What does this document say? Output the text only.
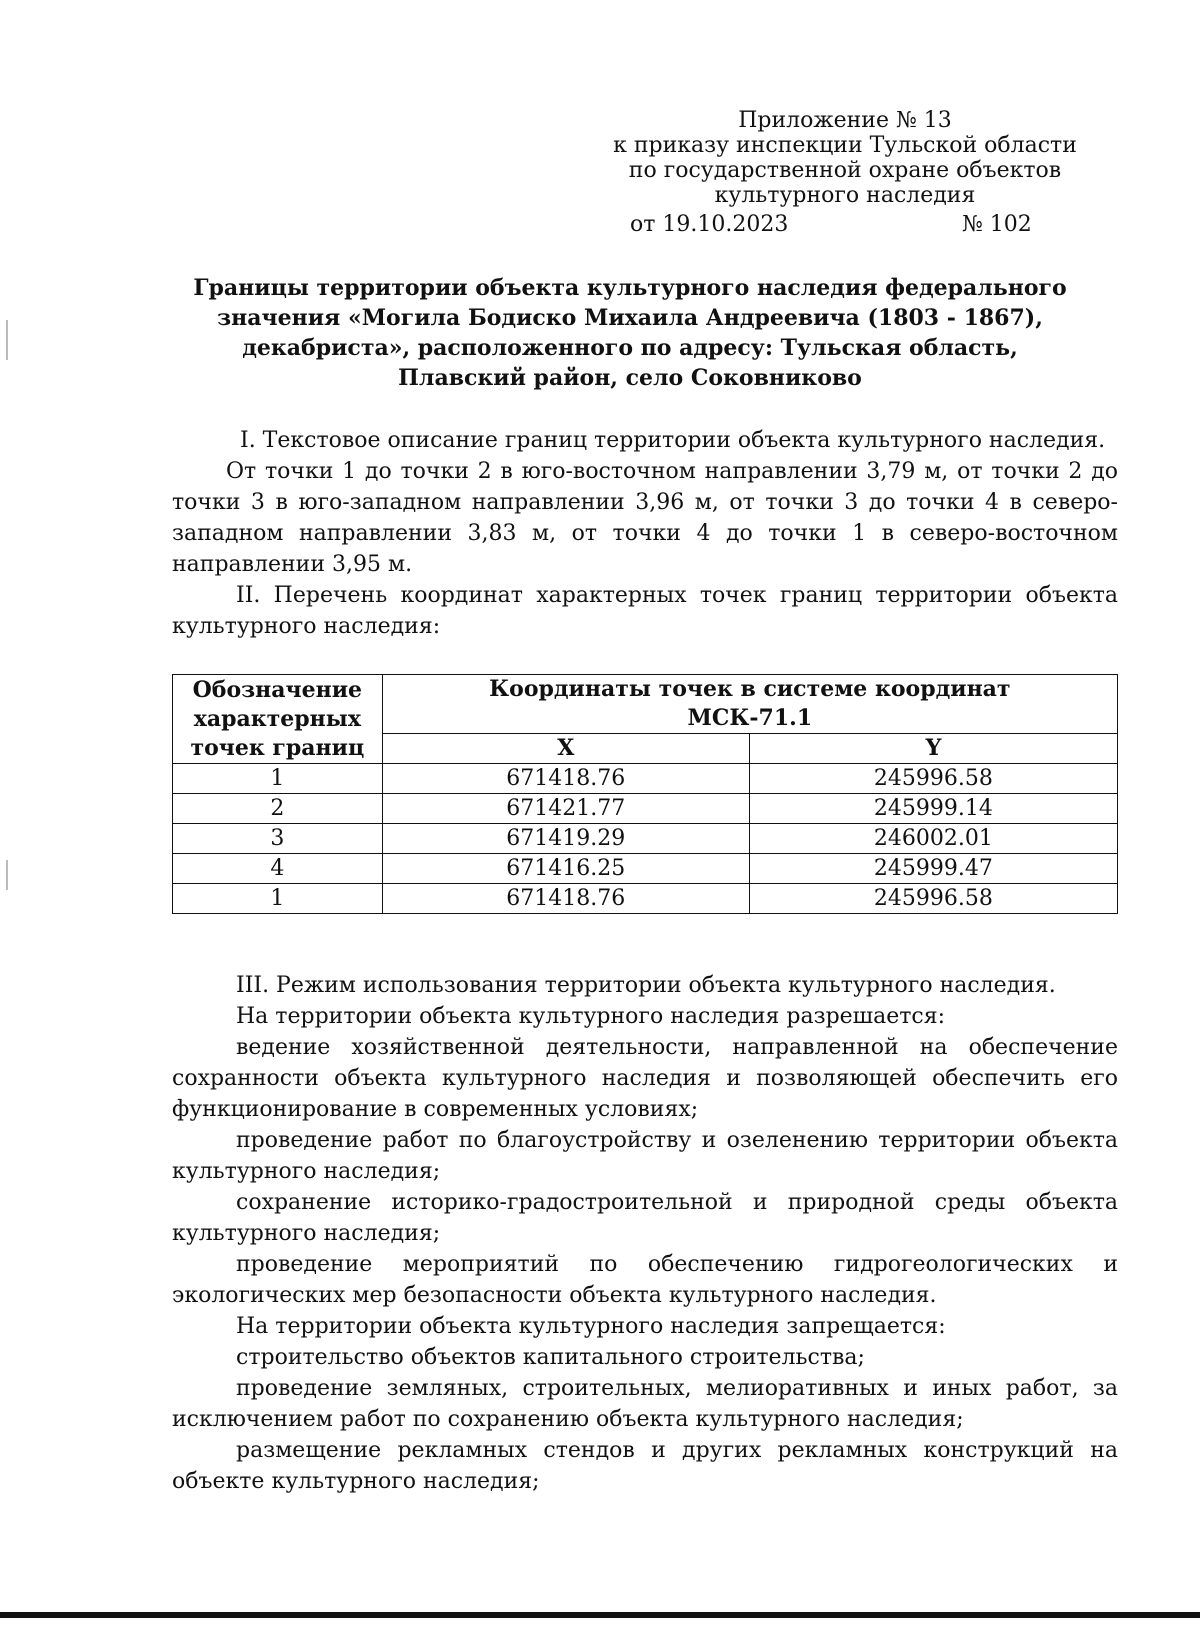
Приложение № 13
к приказу инспекции Тульской области
по государственной охране объектов
культурного наследия
от 19.10.2023	№ 102
Границы территории объекта культурного наследия федерального
значения «Могила Бодиско Михаила Андреевича (1803 - 1867),
декабриста», расположенного по адресу: Тульская область,
Плавский район, село Соковниково

I. Текстовое описание границ территории объекта культурного наследия.

От точки 1 до точки 2 в юго-восточном направлении 3,79 м, от точки 2 до точки 3 в юго-западном направлении 3,96 м, от точки 3 до точки 4 в северо-западном направлении 3,83 м, от точки 4 до точки 1 в северо-восточном направлении 3,95 м.

II. Перечень координат характерных точек границ территории объекта культурного наследия:

Обозначение
характерных
точек границ	Координаты точек в системе координат
МСК-71.1	
	X	Y
1	671418.76	245996.58
2	671421.77	245999.14
3	671419.29	246002.01
4	671416.25	245999.47
1	671418.76	245996.58

III. Режим использования территории объекта культурного наследия.

На территории объекта культурного наследия разрешается:

ведение хозяйственной деятельности, направленной на обеспечение сохранности объекта культурного наследия и позволяющей обеспечить его функционирование в современных условиях;

проведение работ по благоустройству и озеленению территории объекта культурного наследия;

сохранение историко-градостроительной и природной среды объекта культурного наследия;

проведение мероприятий по обеспечению гидрогеологических и экологических мер безопасности объекта культурного наследия.

На территории объекта культурного наследия запрещается:

строительство объектов капитального строительства;

проведение земляных, строительных, мелиоративных и иных работ, за исключением работ по сохранению объекта культурного наследия;

размещение рекламных стендов и других рекламных конструкций на объекте культурного наследия;
